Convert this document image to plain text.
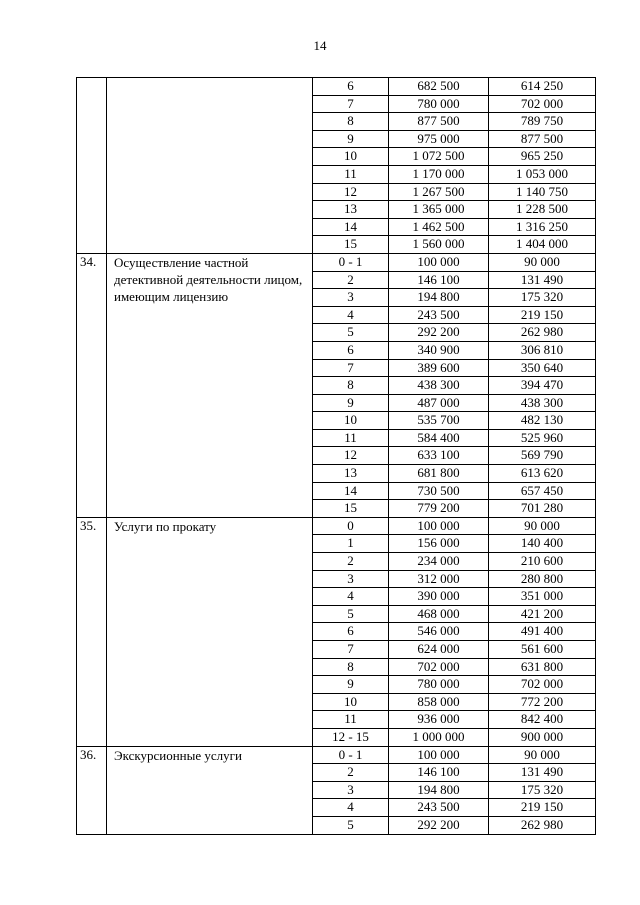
14
		6	682 500	614 250
		7	780 000	702 000
		8	877 500	789 750
		9	975 000	877 500
		10	1 072 500	965 250
		11	1 170 000	1 053 000
		12	1 267 500	1 140 750
		13	1 365 000	1 228 500
		14	1 462 500	1 316 250
		15	1 560 000	1 404 000
34.	Осуществление частной детективной деятельности лицом, имеющим лицензию	0 - 1	100 000	90 000
		2	146 100	131 490
		3	194 800	175 320
		4	243 500	219 150
		5	292 200	262 980
		6	340 900	306 810
		7	389 600	350 640
		8	438 300	394 470
		9	487 000	438 300
		10	535 700	482 130
		11	584 400	525 960
		12	633 100	569 790
		13	681 800	613 620
		14	730 500	657 450
		15	779 200	701 280
35.	Услуги по прокату	0	100 000	90 000
		1	156 000	140 400
		2	234 000	210 600
		3	312 000	280 800
		4	390 000	351 000
		5	468 000	421 200
		6	546 000	491 400
		7	624 000	561 600
		8	702 000	631 800
		9	780 000	702 000
		10	858 000	772 200
		11	936 000	842 400
		12 - 15	1 000 000	900 000
36.	Экскурсионные услуги	0 - 1	100 000	90 000
		2	146 100	131 490
		3	194 800	175 320
		4	243 500	219 150
		5	292 200	262 980
